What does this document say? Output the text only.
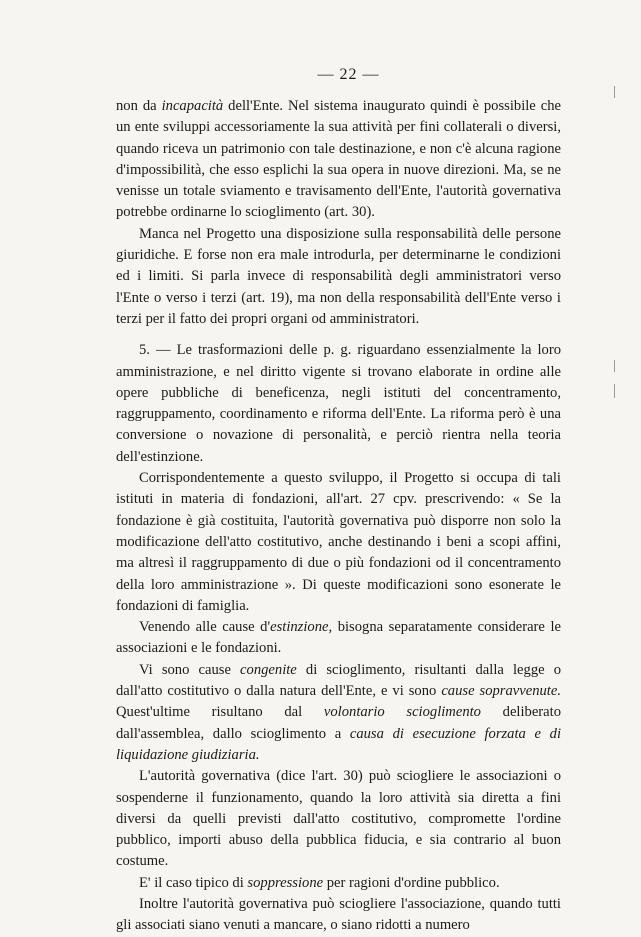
— 22 —

non da incapacità dell'Ente. Nel sistema inaugurato quindi è possibile che un ente sviluppi accessoriamente la sua attività per fini collaterali o diversi, quando riceva un patrimonio con tale destinazione, e non c'è alcuna ragione d'impossibilità, che esso esplichi la sua opera in nuove direzioni. Ma, se ne venisse un totale sviamento e travisamento dell'Ente, l'autorità governativa potrebbe ordinarne lo scioglimento (art. 30).

Manca nel Progetto una disposizione sulla responsabilità delle persone giuridiche. E forse non era male introdurla, per determinarne le condizioni ed i limiti. Si parla invece di responsabilità degli amministratori verso l'Ente o verso i terzi (art. 19), ma non della responsabilità dell'Ente verso i terzi per il fatto dei propri organi od amministratori.

5. — Le trasformazioni delle p. g. riguardano essenzialmente la loro amministrazione, e nel diritto vigente si trovano elaborate in ordine alle opere pubbliche di beneficenza, negli istituti del concentramento, raggruppamento, coordinamento e riforma dell'Ente. La riforma però è una conversione o novazione di personalità, e perciò rientra nella teoria dell'estinzione.

Corrispondentemente a questo sviluppo, il Progetto si occupa di tali istituti in materia di fondazioni, all'art. 27 cpv. prescrivendo: « Se la fondazione è già costituita, l'autorità governativa può disporre non solo la modificazione dell'atto costitutivo, anche destinando i beni a scopi affini, ma altresì il raggruppamento di due o più fondazioni od il concentramento della loro amministrazione ». Di queste modificazioni sono esonerate le fondazioni di famiglia.

Venendo alle cause d'estinzione, bisogna separatamente considerare le associazioni e le fondazioni.

Vi sono cause congenite di scioglimento, risultanti dalla legge o dall'atto costitutivo o dalla natura dell'Ente, e vi sono cause sopravvenute. Quest'ultime risultano dal volontario scioglimento deliberato dall'assemblea, dallo scioglimento a causa di esecuzione forzata e di liquidazione giudiziaria.

L'autorità governativa (dice l'art. 30) può sciogliere le associazioni o sospenderne il funzionamento, quando la loro attività sia diretta a fini diversi da quelli previsti dall'atto costitutivo, compromette l'ordine pubblico, importi abuso della pubblica fiducia, e sia contrario al buon costume.

E' il caso tipico di soppressione per ragioni d'ordine pubblico.

Inoltre l'autorità governativa può sciogliere l'associazione, quando tutti gli associati siano venuti a mancare, o siano ridotti a numero
